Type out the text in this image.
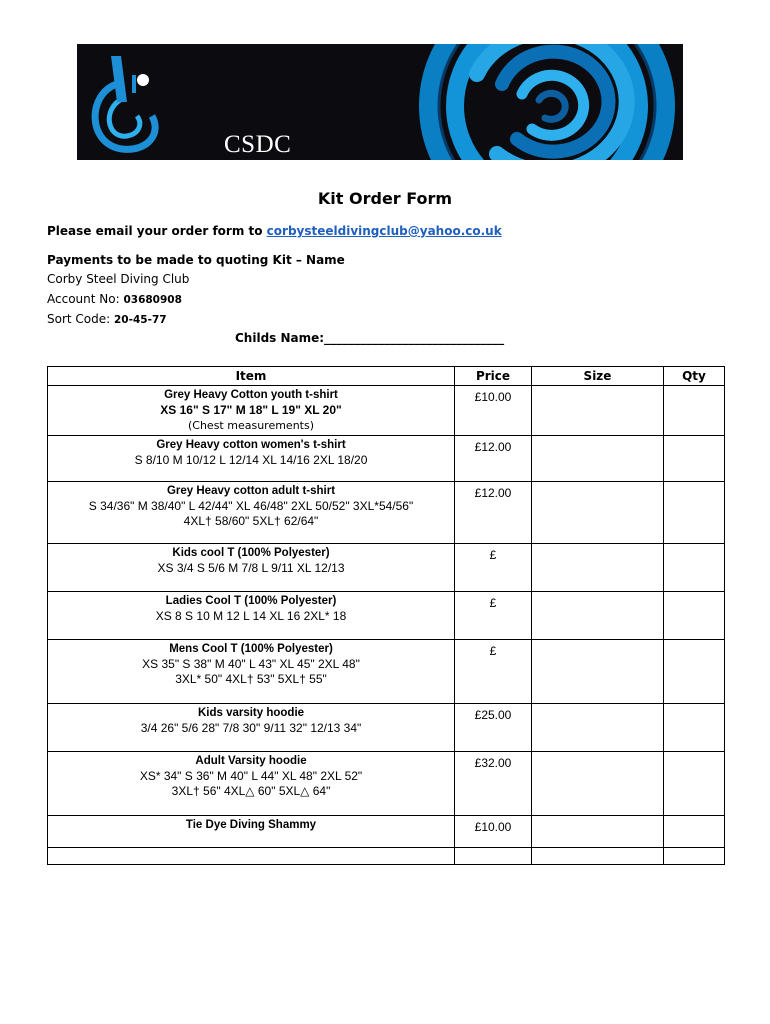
CSDC
Kit Order Form
Please email your order form to corbysteeldivingclub@yahoo.co.uk
Payments to be made to quoting Kit – Name
Corby Steel Diving Club
Account No: 03680908
Sort Code: 20-45-77
Childs Name:______________________________
Item	Price	Size	Qty

Grey Heavy Cotton youth t-shirt
XS 16" S 17" M 18" L 19" XL 20"
(Chest measurements)	£10.00		

Grey Heavy cotton women's t-shirt
S 8/10 M 10/12 L 12/14 XL 14/16 2XL 18/20	£12.00		

Grey Heavy cotton adult t-shirt
S 34/36" M 38/40" L 42/44" XL 46/48" 2XL 50/52" 3XL*54/56"
4XL† 58/60" 5XL† 62/64"	£12.00		

Kids cool T (100% Polyester)
XS 3/4 S 5/6 M 7/8 L 9/11 XL 12/13	£		

Ladies Cool T (100% Polyester)
XS 8 S 10 M 12 L 14 XL 16 2XL* 18	£		

Mens Cool T (100% Polyester)
XS 35" S 38" M 40" L 43" XL 45" 2XL 48"
3XL* 50" 4XL† 53" 5XL† 55"	£		

Kids varsity hoodie
3/4 26" 5/6 28" 7/8 30" 9/11 32" 12/13 34"	£25.00		

Adult Varsity hoodie
XS* 34" S 36" M 40" L 44" XL 48" 2XL 52"
3XL† 56" 4XL△ 60" 5XL△ 64"	£32.00		

Tie Dye Diving Shammy	£10.00		
